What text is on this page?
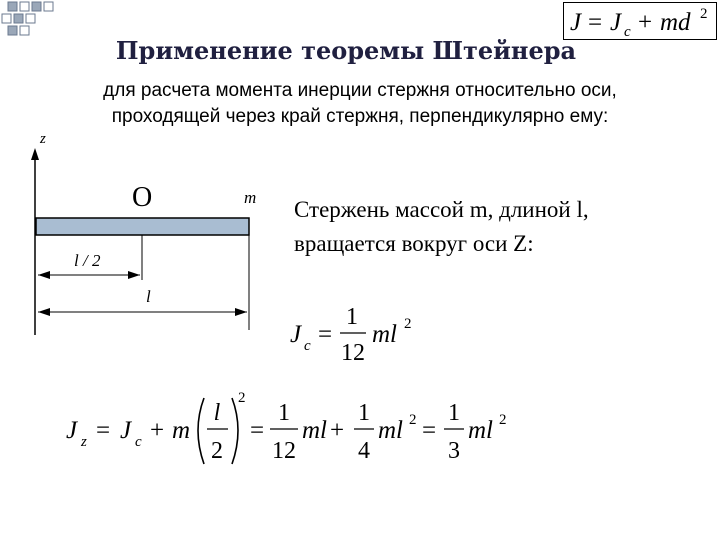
J = J c + md 2
Применение теоремы Штейнера
для расчета момента инерции стержня относительно оси,
проходящей через край стержня, перпендикулярно ему:
l / 2
l
z
O	m Стержень массой m, длиной l,
вращается вокруг оси Z:
J c =
1
12
ml 2
J z = J c + m
l
2
2
=
1
12
ml +
1
4
ml 2 =
1
3
ml 2
